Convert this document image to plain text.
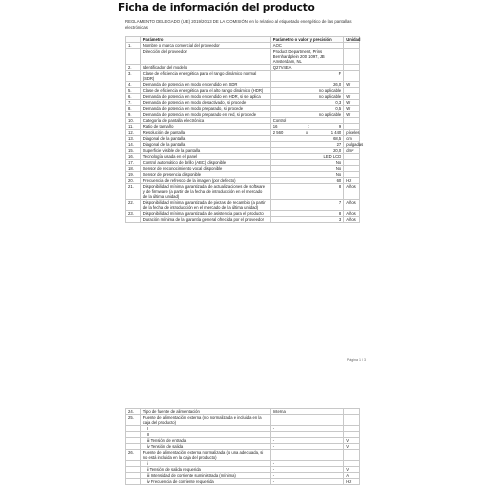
Ficha de información del producto
REGLAMENTO DELEGADO (UE) 2019/2013 DE LA COMISIÓN en lo relativo al etiquetado energético de las pantallas electrónicas
	Parámetro	Parámetro o valor y precisión	Unidad
1.	Nombre o marca comercial del proveedor	AOC	
	Dirección del proveedor	Product Department, Prins Bernhardplein 200 1097, JB Amsterdam, NL	
2.	Identificador del modelo	Q27V4EA	
3.	Clase de eficiencia energética para el rango dinámico normal (SDR)	F	
4.	Demanda de potencia en modo encendido en SDR	26,0	W
5.	Clase de eficiencia energética para el alto rango dinámico (HDR)	no aplicable	
6.	Demanda de potencia en modo encendido en HDR, si se aplica	no aplicable	W
7.	Demanda de potencia en modo desactivado, si procede	0,3	W
8.	Demanda de potencia en modo preparado, si procede	0,5	W
9.	Demanda de potencia en modo preparado en red, si procede	no aplicable	W
10.	Categoría de pantalla electrónica	Control	
11.	Ratio de tamaño	16 : 9	

12.	Resolución de pantalla	2 560 x 1 440	píxeles
13.	Diagonal de la pantalla	68,5	cm
14.	Diagonal de la pantalla	27	pulgadas
15.	Superficie visible de la pantalla	20,0	dm²
16.	Tecnología usada en el panel	LED LCD	
17.	Control automático de brillo (ABC) disponible	No	
18.	Sensor de reconocimiento vocal disponible	No	
19.	Sensor de presencia disponible	No	
20.	Frecuencia de refresco de la imagen (por defecto)	60	Hz
21.	Disponibilidad mínima garantizada de actualizaciones de software y de firmware (a partir de la fecha de introducción en el mercado de la última unidad)	8	Años
22.	Disponibilidad mínima garantizada de piezas de recambio (a partir de la fecha de introducción en el mercado de la última unidad)	7	Años
23.	Disponibilidad mínima garantizada de asistencia para el producto	8	Años
	Duración mínima de la garantía general ofrecida por el proveedor	3	Años
Página 1 / 3
24.	Tipo de fuente de alimentación	Interna	
25.	Fuente de alimentación externa (no normalizada e incluida en la caja del producto)		
	I	-	
	II		
	iii Tensión de entrada	-	V
	iv Tensión de salida	-	V
26.	Fuente de alimentación externa normalizada (o una adecuada, si no está incluida en la caja del producto)		
	i	-	
	ii Tensión de salida requerida	-	V
	iii Intensidad de corriente suministrada (mínima)	-	A
	iv Frecuencia de corriente requerida	-	Hz
